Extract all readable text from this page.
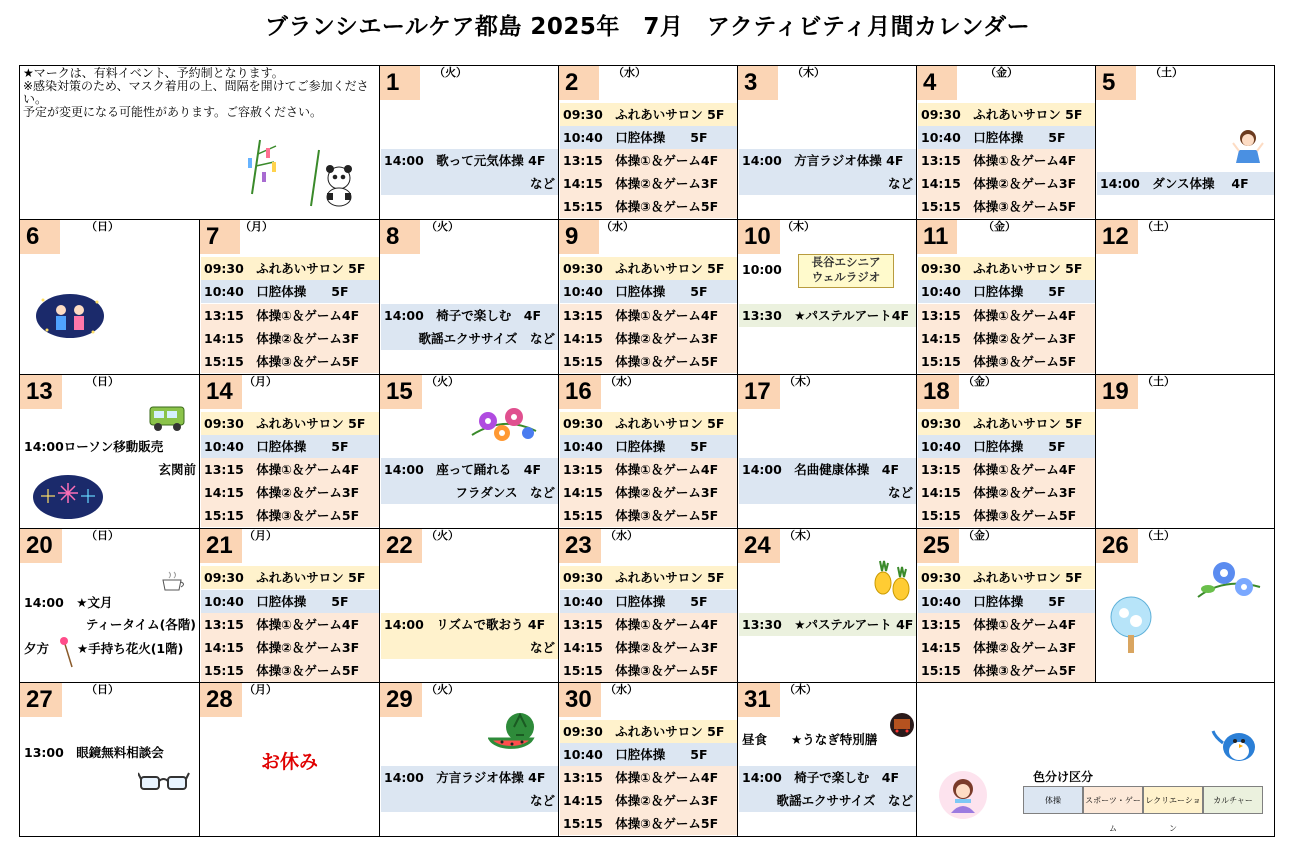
ブランシエールケア都島 2025年　7月　アクティビティ月間カレンダー
★マークは、有料イベント、予約制となります。
※感染対策のため、マスク着用の上、間隔を開けてご参加ください。
予定が変更になる可能性があります。ご容赦ください。
1	（火）
14:00　歌って元気体操 4F
など
2	（水）
09:30　ふれあいサロン 5F
10:40　口腔体操　　5F
13:15　体操①＆ゲーム4F
14:15　体操②＆ゲーム3F
15:15　体操③＆ゲーム5F
3	（木）
14:00　方言ラジオ体操 4F
など
4	（金）
09:30　ふれあいサロン 5F
10:40　口腔体操　　5F
13:15　体操①＆ゲーム4F
14:15　体操②＆ゲーム3F
15:15　体操③＆ゲーム5F
5	（土）
14:00　ダンス体操　 4F
6	（日）	7	（月）
09:30　ふれあいサロン 5F
10:40　口腔体操　　5F
13:15　体操①＆ゲーム4F
14:15　体操②＆ゲーム3F
15:15　体操③＆ゲーム5F
8	（火）
14:00　椅子で楽しむ　4F
歌謡エクササイズ　など
9	（水）
09:30　ふれあいサロン 5F
10:40　口腔体操　　5F
13:15　体操①＆ゲーム4F
14:15　体操②＆ゲーム3F
15:15　体操③＆ゲーム5F
10	（木）
10:00	長谷エシニア
ウェルラジオ
13:30　★パステルアート4F
11	（金）
09:30　ふれあいサロン 5F
10:40　口腔体操　　5F
13:15　体操①＆ゲーム4F
14:15　体操②＆ゲーム3F
15:15　体操③＆ゲーム5F
12	（土）
13	（日）
14:00ローソン移動販売
玄関前
14	（月）
09:30　ふれあいサロン 5F
10:40　口腔体操　　5F
13:15　体操①＆ゲーム4F
14:15　体操②＆ゲーム3F
15:15　体操③＆ゲーム5F
15	（火）
14:00　座って踊れる　4F
フラダンス　など
16	（水）
09:30　ふれあいサロン 5F
10:40　口腔体操　　5F
13:15　体操①＆ゲーム4F
14:15　体操②＆ゲーム3F
15:15　体操③＆ゲーム5F
17	（木）
14:00　名曲健康体操　4F
など
18	（金）
09:30　ふれあいサロン 5F
10:40　口腔体操　　5F
13:15　体操①＆ゲーム4F
14:15　体操②＆ゲーム3F
15:15　体操③＆ゲーム5F
19	（土）
20	（日）
14:00　★文月
ティータイム(各階)
夕方	★手持ち花火(1階)
21	（月）
09:30　ふれあいサロン 5F
10:40　口腔体操　　5F
13:15　体操①＆ゲーム4F
14:15　体操②＆ゲーム3F
15:15　体操③＆ゲーム5F
22	（火）
14:00　リズムで歌おう 4F
など
23	（水）
09:30　ふれあいサロン 5F
10:40　口腔体操　　5F
13:15　体操①＆ゲーム4F
14:15　体操②＆ゲーム3F
15:15　体操③＆ゲーム5F
24	（木）
13:30　★パステルアート 4F
25	（金）
09:30　ふれあいサロン 5F
10:40　口腔体操　　5F
13:15　体操①＆ゲーム4F
14:15　体操②＆ゲーム3F
15:15　体操③＆ゲーム5F
26	（土）
27	（日）
13:00　眼鏡無料相談会
28	（月）
お休み
29	（火）
14:00　方言ラジオ体操 4F
など
30	（水）
09:30　ふれあいサロン 5F
10:40　口腔体操　　5F
13:15　体操①＆ゲーム4F
14:15　体操②＆ゲーム3F
15:15　体操③＆ゲーム5F
31	（木）
昼食	★うなぎ特別膳
14:00　椅子で楽しむ　4F
歌謡エクササイズ　など
色分け区分
体操	スポーツ・ゲーム
レクリエーション
カルチャー
